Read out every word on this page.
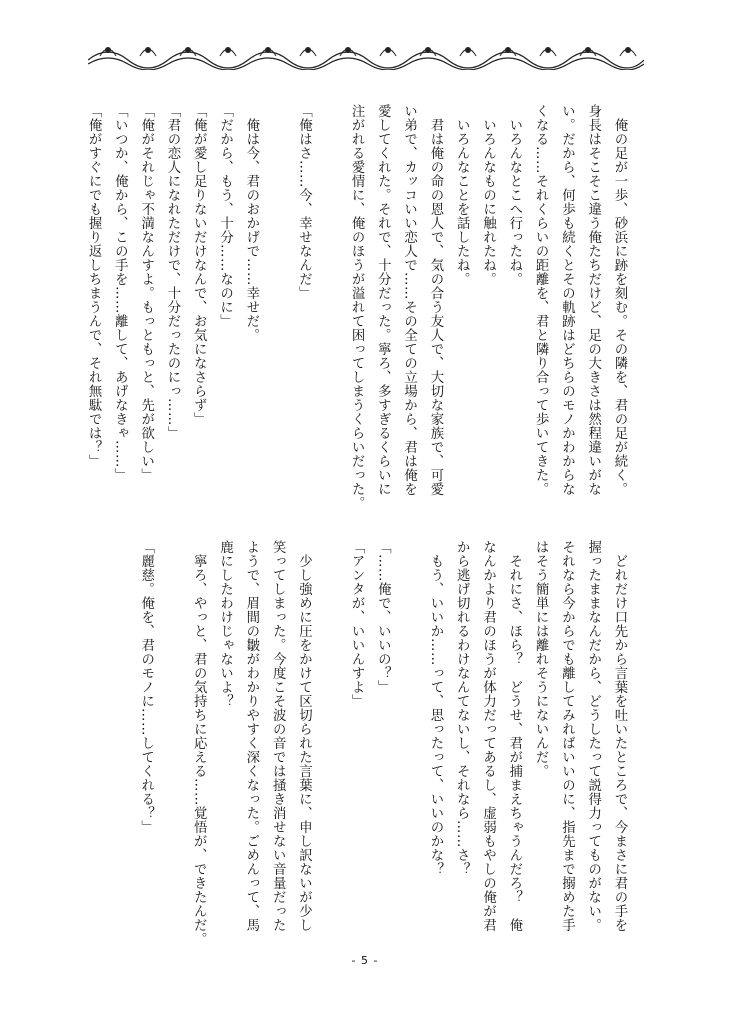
　俺の足が一歩、砂浜に跡を刻む。その隣を、君の足が続く。
身長はそこそこ違う俺たちだけど、足の大きさは然程違いがな
い。だから、何歩も続くとその軌跡はどちらのモノかわからな
くなる……それくらいの距離を、君と隣り合って歩いてきた。
　いろんなとこへ行ったね。
　いろんなものに触れたね。
　いろんなことを話したね。
　君は俺の命の恩人で、気の合う友人で、大切な家族で、可愛
い弟で、カッコいい恋人で……その全ての立場から、君は俺を
愛してくれた。それで、十分だった。寧ろ、多すぎるくらいに
注がれる愛情に、俺のほうが溢れて困ってしまうくらいだった。
「俺はさ……今、幸せなんだ」
　俺は今、君のおかげで……幸せだ。
「だから、もう、十分……なのに」
「俺が愛し足りないだけなんで、お気になさらず」
「君の恋人になれただけで、十分だったのにっ……」
「俺がそれじゃ不満なんすよ。もっともっと、先が欲しい」
「いつか、俺から、この手を……離して、あげなきゃ……」
「俺がすぐにでも握り返しちまうんで、それ無駄では？」
　どれだけ口先から言葉を吐いたところで、今まさに君の手を
握ったままなんだから、どうしたって説得力ってものがない。
それなら今からでも離してみればいいのに、指先まで搦めた手
はそう簡単には離れそうにないんだ。
　それにさ、ほら？　どうせ、君が捕まえちゃうんだろ？　俺
なんかより君のほうが体力だってあるし、虚弱もやしの俺が君
から逃げ切れるわけなんてないし、それなら……さ？
　もう、いいか……って、思ったって、いいのかな？
「……俺で、いいの？」
「アンタが、いいんすよ」
　少し強めに圧をかけて区切られた言葉に、申し訳ないが少し
笑ってしまった。今度こそ波の音では掻き消せない音量だった
ようで、眉間の皺がわかりやすく深くなった。ごめんって、馬
鹿にしたわけじゃないよ？
　寧ろ、やっと、君の気持ちに応える……覚悟が、できたんだ。
「麗慈。俺を、君のモノに……してくれる？」
- 5 -
